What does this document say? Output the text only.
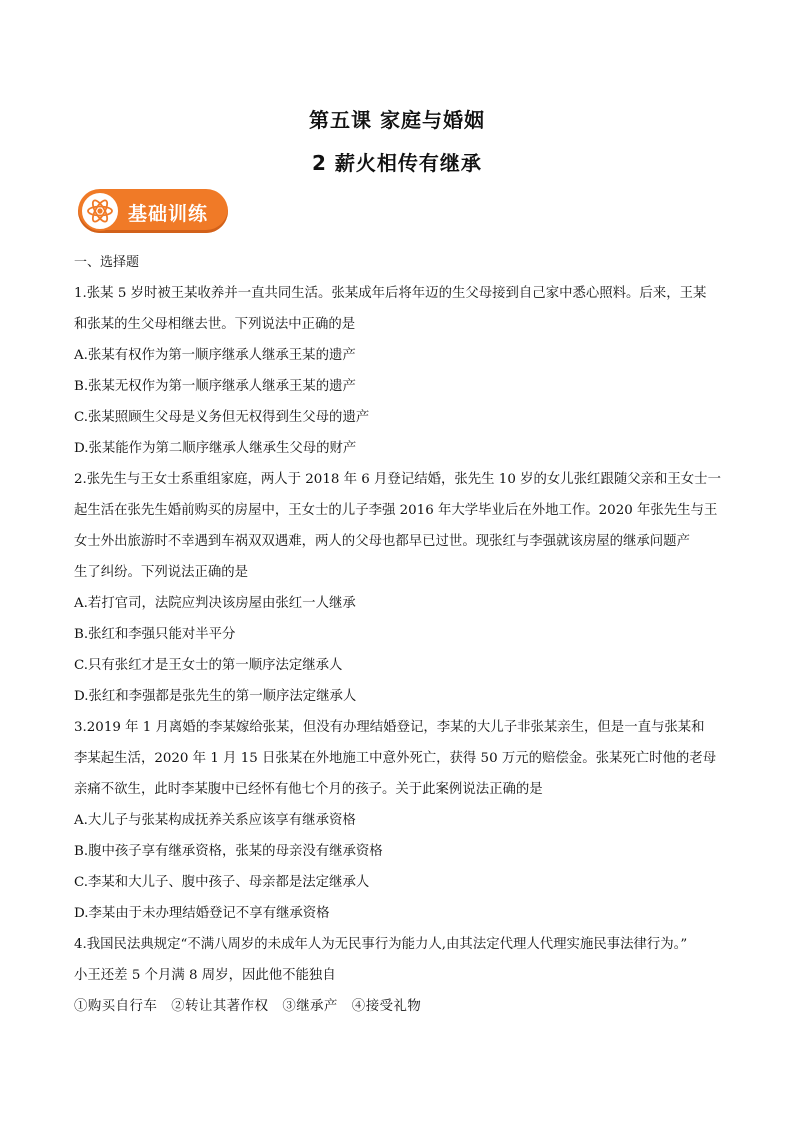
第五课 家庭与婚姻
2 薪火相传有继承
基础训练
一、选择题
1.张某 5 岁时被王某收养并一直共同生活。张某成年后将年迈的生父母接到自己家中悉心照料。后来，王某
和张某的生父母相继去世。下列说法中正确的是
A.张某有权作为第一顺序继承人继承王某的遗产
B.张某无权作为第一顺序继承人继承王某的遗产
C.张某照顾生父母是义务但无权得到生父母的遗产
D.张某能作为第二顺序继承人继承生父母的财产
2.张先生与王女士系重组家庭，两人于 2018 年 6 月登记结婚，张先生 10 岁的女儿张红跟随父亲和王女士一
起生活在张先生婚前购买的房屋中，王女士的儿子李强 2016 年大学毕业后在外地工作。2020 年张先生与王
女士外出旅游时不幸遇到车祸双双遇难，两人的父母也都早已过世。现张红与李强就该房屋的继承问题产
生了纠纷。下列说法正确的是
A.若打官司，法院应判决该房屋由张红一人继承
B.张红和李强只能对半平分
C.只有张红才是王女士的第一顺序法定继承人
D.张红和李强都是张先生的第一顺序法定继承人
3.2019 年 1 月离婚的李某嫁给张某，但没有办理结婚登记，李某的大儿子非张某亲生，但是一直与张某和
李某起生活，2020 年 1 月 15 日张某在外地施工中意外死亡，获得 50 万元的赔偿金。张某死亡时他的老母
亲痛不欲生，此时李某腹中已经怀有他七个月的孩子。关于此案例说法正确的是
A.大儿子与张某构成抚养关系应该享有继承资格
B.腹中孩子享有继承资格，张某的母亲没有继承资格
C.李某和大儿子、腹中孩子、母亲都是法定继承人
D.李某由于未办理结婚登记不享有继承资格
4.我国民法典规定“不满八周岁的未成年人为无民事行为能力人,由其法定代理人代理实施民事法律行为。”
小王还差 5 个月满 8 周岁，因此他不能独自
①购买自行车　②转让其著作权　③继承产　④接受礼物
